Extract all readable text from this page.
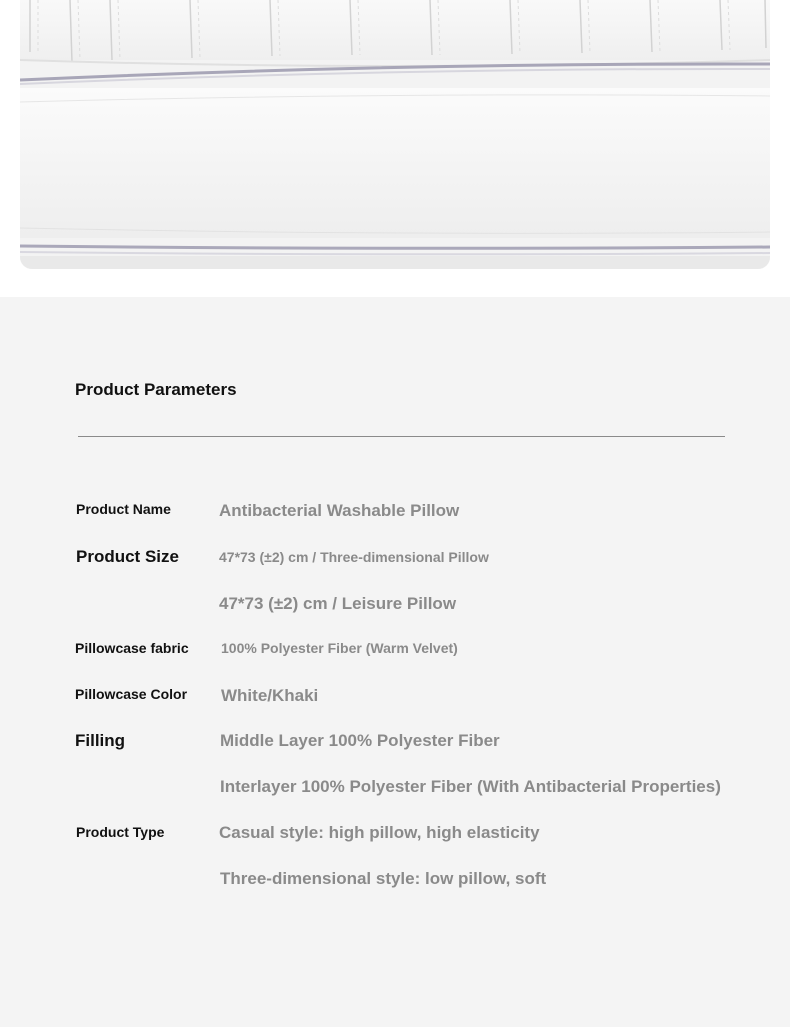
Product Parameters
Product Name	Antibacterial Washable Pillow
Product Size	47*73 (±2) cm / Three-dimensional Pillow
47*73 (±2) cm / Leisure Pillow
Pillowcase fabric 100% Polyester Fiber (Warm Velvet)
Pillowcase Color White/Khaki
Filling	Middle Layer 100% Polyester Fiber
Interlayer 100% Polyester Fiber (With Antibacterial Properties)
Product Type	Casual style: high pillow, high elasticity
Three-dimensional style: low pillow, soft
